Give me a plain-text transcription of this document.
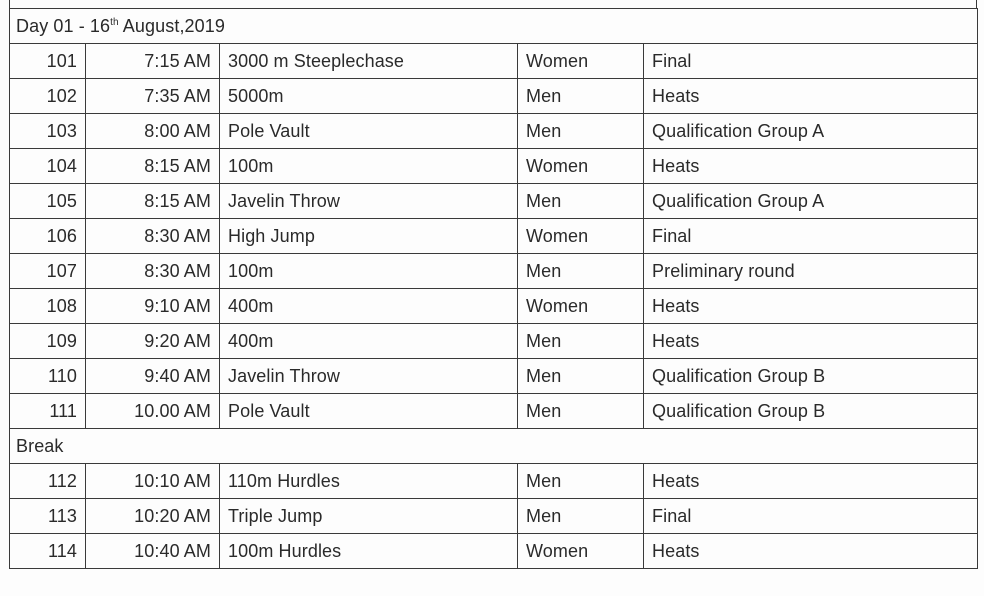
Day 01 - 16th August,2019				
101	7:15 AM	3000 m Steeplechase	Women	Final
102	7:35 AM	5000m	Men	Heats
103	8:00 AM	Pole Vault	Men	Qualification Group A
104	8:15 AM	100m	Women	Heats
105	8:15 AM	Javelin Throw	Men	Qualification Group A
106	8:30 AM	High Jump	Women	Final
107	8:30 AM	100m	Men	Preliminary round
108	9:10 AM	400m	Women	Heats
109	9:20 AM	400m	Men	Heats
110	9:40 AM	Javelin Throw	Men	Qualification Group B
111	10.00 AM	Pole Vault	Men	Qualification Group B
Break				
112	10:10 AM	110m Hurdles	Men	Heats
113	10:20 AM	Triple Jump	Men	Final
114	10:40 AM	100m Hurdles	Women	Heats
